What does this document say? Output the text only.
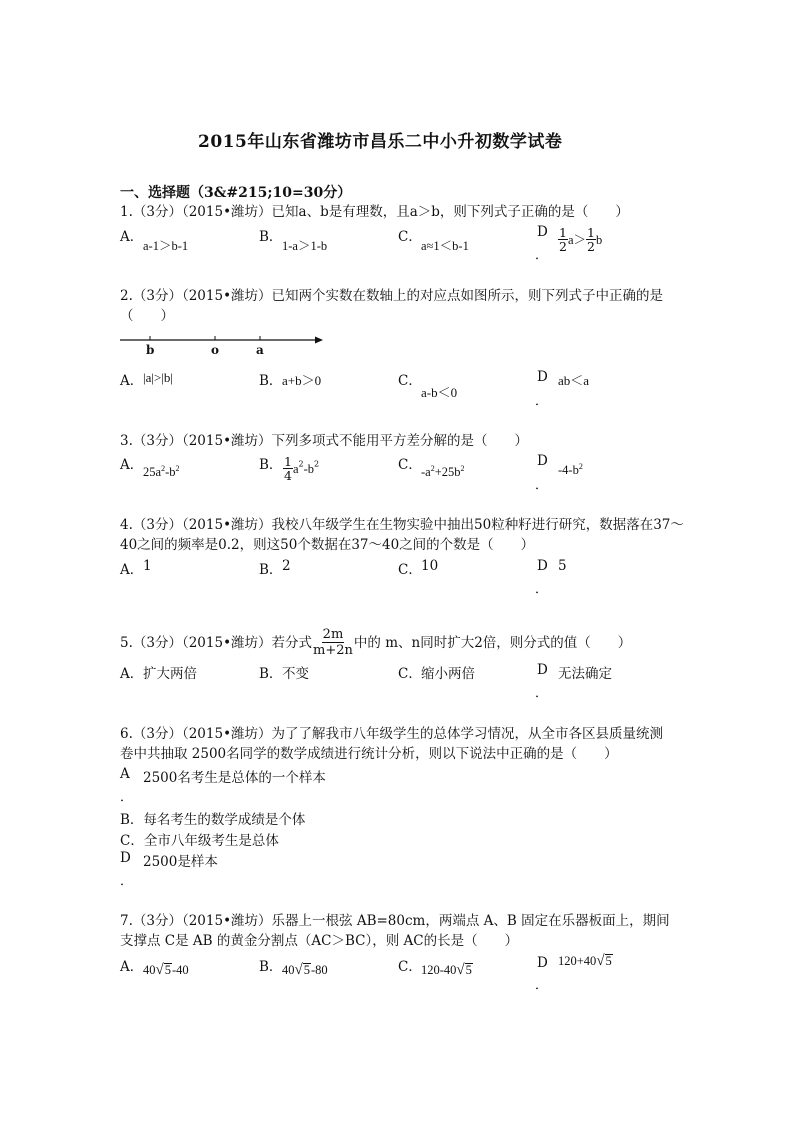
2015年山东省潍坊市昌乐二中小升初数学试卷
一、选择题（3&#215;10=30分）
1.（3分）（2015•潍坊）已知a、b是有理数，且a＞b，则下列式子正确的是（　　）
A．
a-1＞b-1
B．
1-a＞1-b
C．
a≈1＜b-1
D
．
$\frac{1}{2} a> \frac{1}{2}$ b
2.（3分）（2015•潍坊）已知两个实数在数轴上的对应点如图所示，则下列式子中正确的是
（　　）
b	o	a
A． |a|>|b|	B． a+b＞0	C．
a-b＜0
D ab＜a
．
3.（3分）（2015•潍坊）下列多项式不能用平方差分解的是（　　）
A． $25a^2-b^2$	B． $\frac{1}{4} a^2-b^2$	C． $-a^2+25b^2$	D
$-4-b^2$
．
4.（3分）（2015•潍坊）我校八年级学生在生物实验中抽出50粒种籽进行研究，数据落在37～
40之间的频率是0.2，则这50个数据在37～40之间的个数是（　　）
A． 1	B． 2	C． 10	D 5
．
5.（3分）（2015•潍坊）若分式 $\frac{2m}{m+2n}$ 中的 m、n同时扩大2倍，则分式的值（　　）
A． 扩大两倍	B． 不变	C． 缩小两倍	D 无法确定
．
6.（3分）（2015•潍坊）为了了解我市八年级学生的总体学习情况，从全市各区县质量统测
卷中共抽取 2500名同学的数学成绩进行统计分析，则以下说法中正确的是（　　）
A 2500名考生是总体的一个样本
．
B．每名考生的数学成绩是个体
C．全市八年级考生是总体
D 2500是样本
．
7.（3分）（2015•潍坊）乐器上一根弦 AB=80cm，两端点 A、B 固定在乐器板面上，期间
支撑点 C是 AB 的黄金分割点（AC＞BC），则 AC的长是（　　）
A． 40√5-40	B． 40√5-80	C． 120-40√5	D 120+40√5
．
